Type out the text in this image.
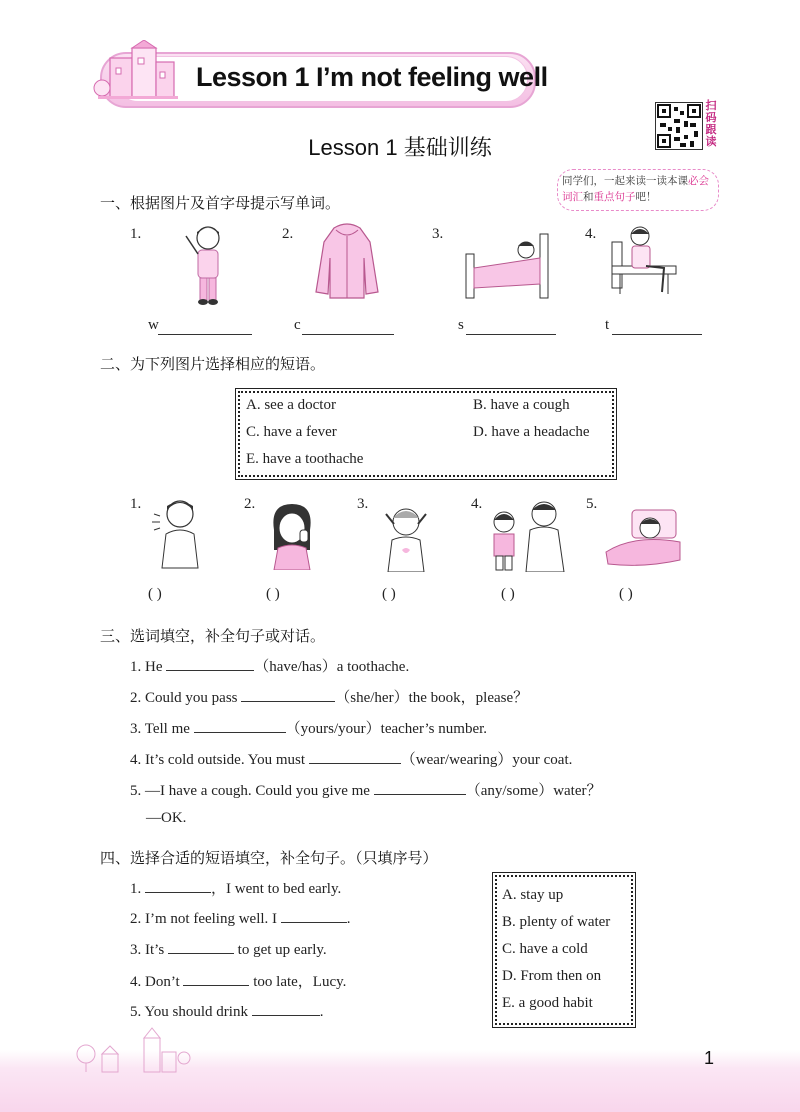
Lesson 1 I’m not feeling well
扫码跟读
Lesson 1 基础训练
同学们，一起来读一读本课必会词汇和重点句子吧！
一、根据图片及首字母提示写单词。
1.
w
2.
c
3.
s
4.
t
二、为下列图片选择相应的短语。
A. see a doctor	B. have a cough
C. have a fever	D. have a headache
E. have a toothache
1.	2.	3.	4.	5.
( )	( )	( )	( )	( )
三、选词填空，补全句子或对话。
1. He	（have/has）a toothache.
2. Could you pass	（she/her）the book，please？
3. Tell me	（yours/your）teacher’s number.
4. It’s cold outside. You must	（wear/wearing）your coat.
5. —I have a cough. Could you give me	（any/some）water？
—OK.
四、选择合适的短语填空，补全句子。（只填序号）
1.	，I went to bed early.
2. I’m not feeling well. I	.
3. It’s	to get up early.
4. Don’t	too late，Lucy.
5. You should drink	.
A. stay up
B. plenty of water
C. have a cold
D. From then on
E. a good habit
1
